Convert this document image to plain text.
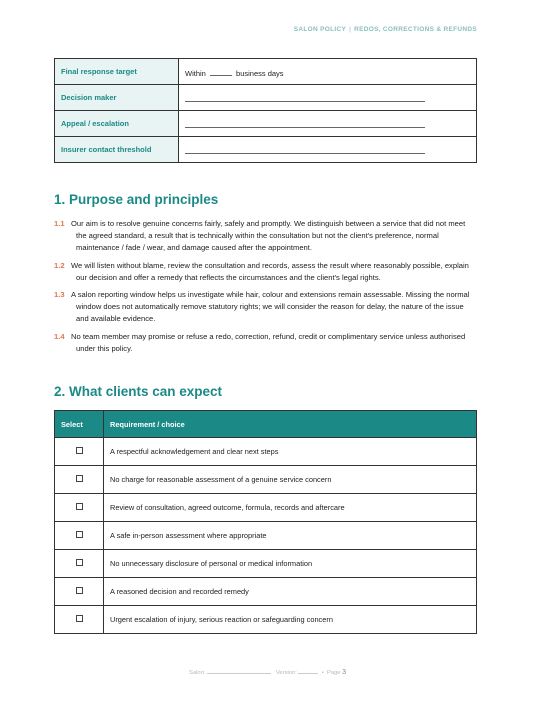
SALON POLICY | REDOS, CORRECTIONS & REFUNDS
Final response target	Within business days
Decision maker	
Appeal / escalation	
Insurer contact threshold	
1. Purpose and principles
1.1 Our aim is to resolve genuine concerns fairly, safely and promptly. We distinguish between a service that did not meet the agreed standard, a result that is technically within the consultation but not the client's preference, normal maintenance / fade / wear, and damage caused after the appointment.
1.2 We will listen without blame, review the consultation and records, assess the result where reasonably possible, explain our decision and offer a remedy that reflects the circumstances and the client's legal rights.
1.3 A salon reporting window helps us investigate while hair, colour and extensions remain assessable. Missing the normal window does not automatically remove statutory rights; we will consider the reason for delay, the nature of the issue and available evidence.
1.4 No team member may promise or refuse a redo, correction, refund, credit or complimentary service unless authorised under this policy.
2. What clients can expect
Select	Requirement / choice
	A respectful acknowledgement and clear next steps
	No charge for reasonable assessment of a genuine service concern
	Review of consultation, agreed outcome, formula, records and aftercare
	A safe in-person assessment where appropriate
	No unnecessary disclosure of personal or medical information
	A reasoned decision and recorded remedy
	Urgent escalation of injury, serious reaction or safeguarding concern
Salon:	Version:	• Page 3
